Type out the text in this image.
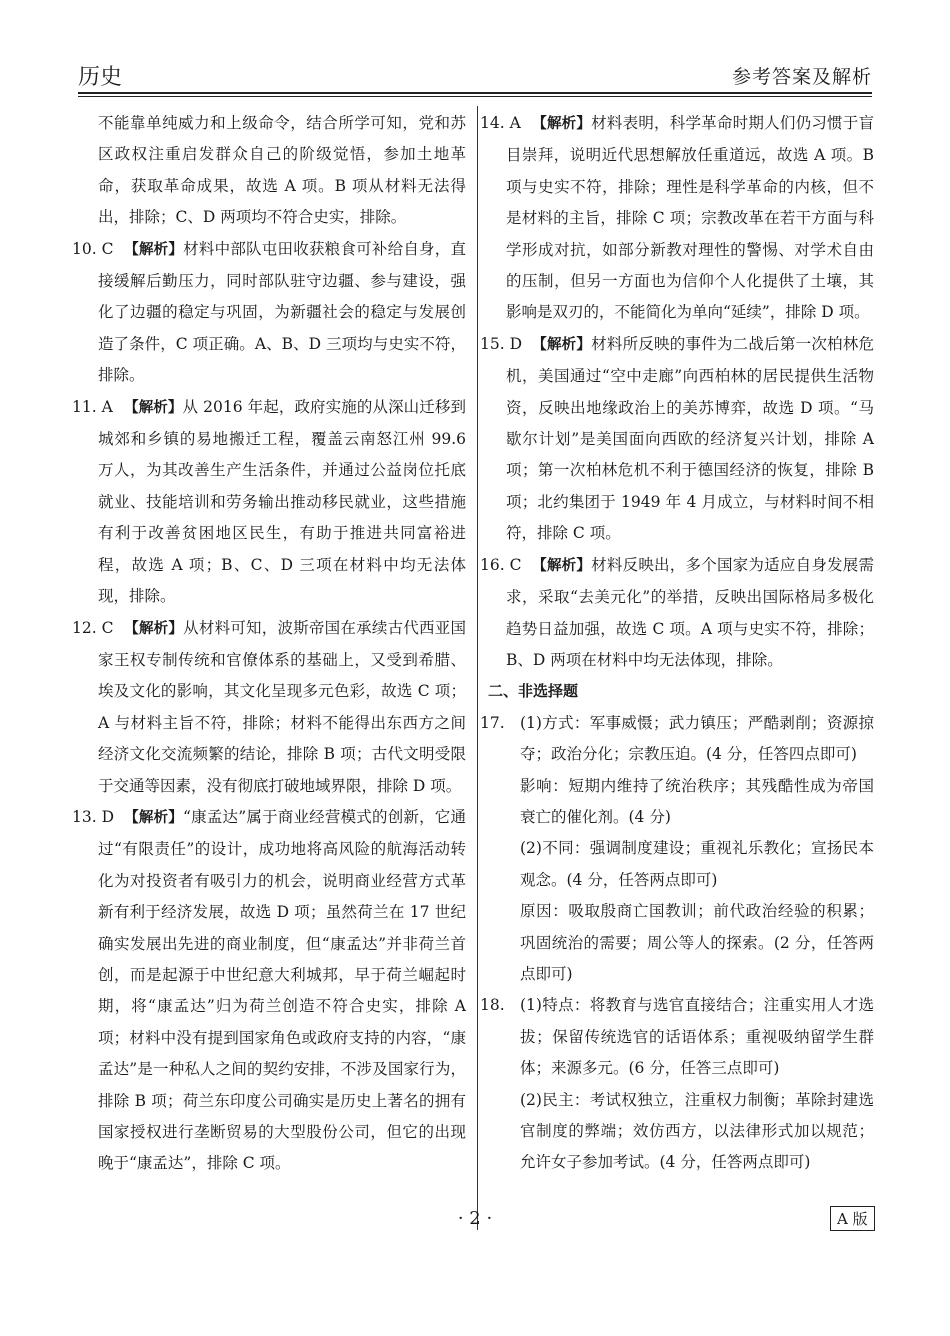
历史	参考答案及解析

不能靠单纯威力和上级命令，结合所学可知，党和苏区政权注重启发群众自己的阶级觉悟，参加土地革命，获取革命成果，故选 A 项。B 项从材料无法得出，排除；C、D 两项均不符合史实，排除。

10. C 【解析】材料中部队屯田收获粮食可补给自身，直接缓解后勤压力，同时部队驻守边疆、参与建设，强化了边疆的稳定与巩固，为新疆社会的稳定与发展创造了条件，C 项正确。A、B、D 三项均与史实不符，排除。

11. A 【解析】从 2016 年起，政府实施的从深山迁移到城郊和乡镇的易地搬迁工程，覆盖云南怒江州 99.6 万人，为其改善生产生活条件，并通过公益岗位托底就业、技能培训和劳务输出推动移民就业，这些措施有利于改善贫困地区民生，有助于推进共同富裕进程，故选 A 项；B、C、D 三项在材料中均无法体现，排除。

12. C 【解析】从材料可知，波斯帝国在承续古代西亚国家王权专制传统和官僚体系的基础上，又受到希腊、埃及文化的影响，其文化呈现多元色彩，故选 C 项；A 与材料主旨不符，排除；材料不能得出东西方之间经济文化交流频繁的结论，排除 B 项；古代文明受限于交通等因素，没有彻底打破地域界限，排除 D 项。

13. D 【解析】“康孟达”属于商业经营模式的创新，它通过“有限责任”的设计，成功地将高风险的航海活动转化为对投资者有吸引力的机会，说明商业经营方式革新有利于经济发展，故选 D 项；虽然荷兰在 17 世纪确实发展出先进的商业制度，但“康孟达”并非荷兰首创，而是起源于中世纪意大利城邦，早于荷兰崛起时期，将“康孟达”归为荷兰创造不符合史实，排除 A 项；材料中没有提到国家角色或政府支持的内容，“康孟达”是一种私人之间的契约安排，不涉及国家行为，排除 B 项；荷兰东印度公司确实是历史上著名的拥有国家授权进行垄断贸易的大型股份公司，但它的出现晚于“康孟达”，排除 C 项。

14. A 【解析】材料表明，科学革命时期人们仍习惯于盲目崇拜，说明近代思想解放任重道远，故选 A 项。B 项与史实不符，排除；理性是科学革命的内核，但不是材料的主旨，排除 C 项；宗教改革在若干方面与科学形成对抗，如部分新教对理性的警惕、对学术自由的压制，但另一方面也为信仰个人化提供了土壤，其影响是双刃的，不能简化为单向“延续”，排除 D 项。

15. D 【解析】材料所反映的事件为二战后第一次柏林危机，美国通过“空中走廊”向西柏林的居民提供生活物资，反映出地缘政治上的美苏博弈，故选 D 项。“马歇尔计划”是美国面向西欧的经济复兴计划，排除 A 项；第一次柏林危机不利于德国经济的恢复，排除 B 项；北约集团于 1949 年 4 月成立，与材料时间不相符，排除 C 项。

16. C 【解析】材料反映出，多个国家为适应自身发展需求，采取“去美元化”的举措，反映出国际格局多极化趋势日益加强，故选 C 项。A 项与史实不符，排除；B、D 两项在材料中均无法体现，排除。

二、非选择题

17. (1)方式：军事威慑；武力镇压；严酷剥削；资源掠夺；政治分化；宗教压迫。(4 分，任答四点即可)

影响：短期内维持了统治秩序；其残酷性成为帝国衰亡的催化剂。(4 分)

(2)不同：强调制度建设；重视礼乐教化；宣扬民本观念。(4 分，任答两点即可)

原因：吸取殷商亡国教训；前代政治经验的积累；巩固统治的需要；周公等人的探索。(2 分，任答两点即可)

18. (1)特点：将教育与选官直接结合；注重实用人才选拔；保留传统选官的话语体系；重视吸纳留学生群体；来源多元。(6 分，任答三点即可)

(2)民主：考试权独立，注重权力制衡；革除封建选官制度的弊端；效仿西方，以法律形式加以规范；允许女子参加考试。(4 分，任答两点即可)

· 2 ·	A 版
